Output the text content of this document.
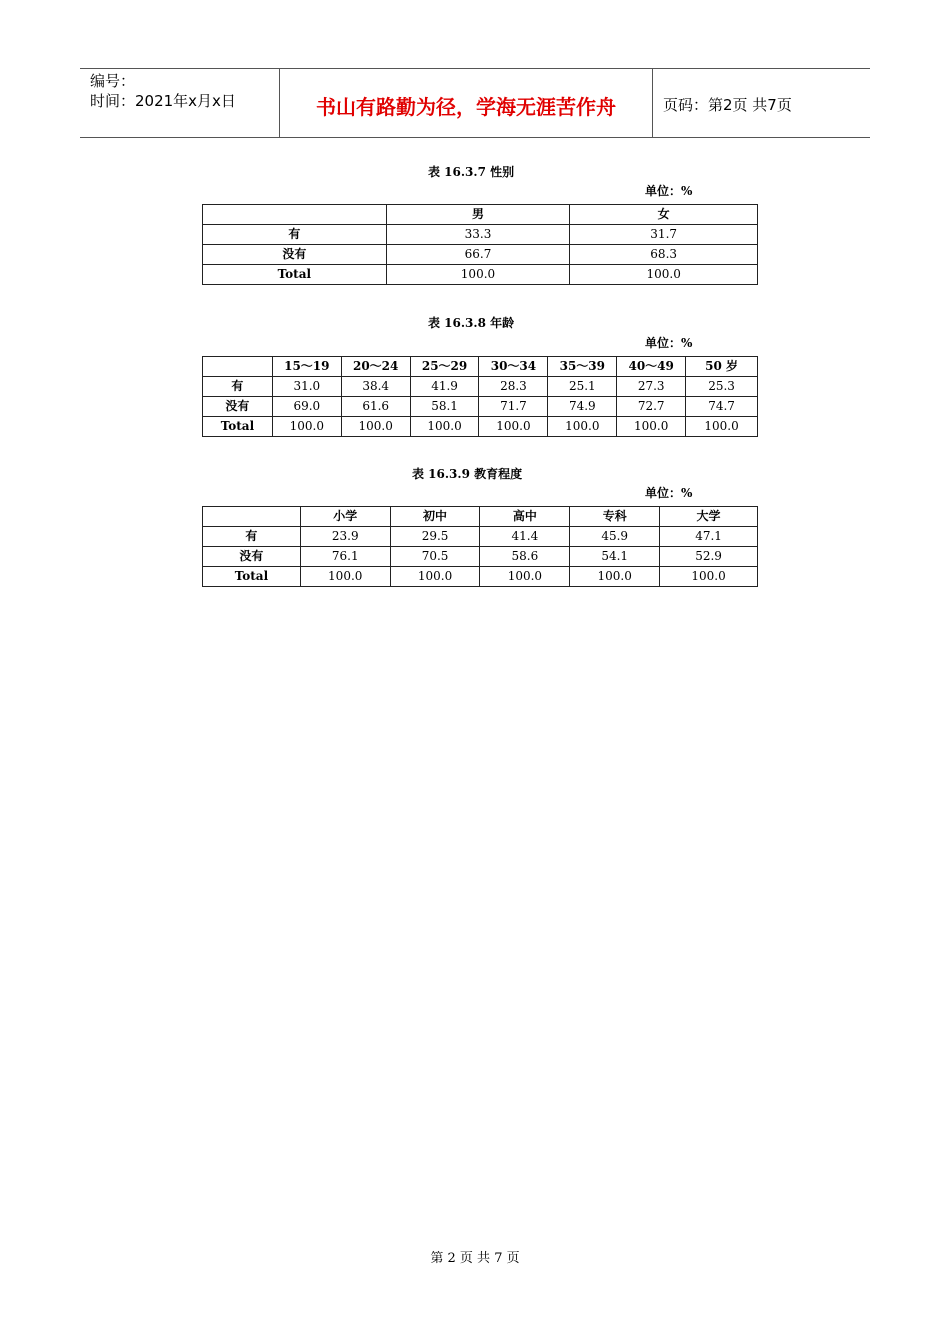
编号：
时间：2021年x月x日	书山有路勤为径，学海无涯苦作舟	页码：第2页 共7页
表 16.3.7 性别
单位：%
	男	女
有	33.3	31.7
没有	66.7	68.3
Total	100.0	100.0
表 16.3.8 年龄
单位：%
	15～19	20～24	25～29	30～34	35～39	40～49	50 岁
有	31.0	38.4	41.9	28.3	25.1	27.3	25.3
没有	69.0	61.6	58.1	71.7	74.9	72.7	74.7
Total	100.0	100.0	100.0	100.0	100.0	100.0	100.0
表 16.3.9 教育程度
单位：%
	小学	初中	高中	专科	大学
有	23.9	29.5	41.4	45.9	47.1
没有	76.1	70.5	58.6	54.1	52.9
Total	100.0	100.0	100.0	100.0	100.0
第 2 页 共 7 页
